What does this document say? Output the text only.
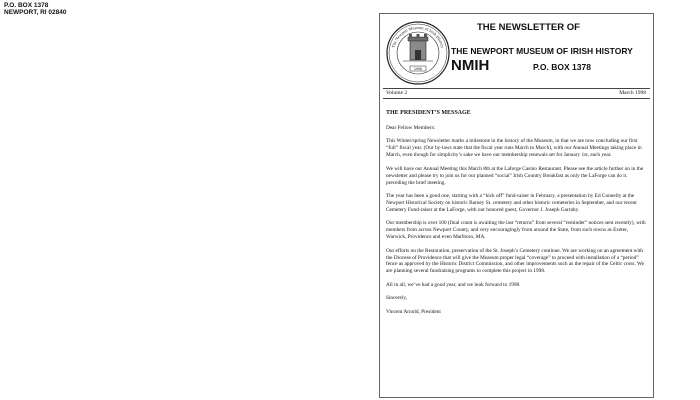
P.O. BOX 1378
NEWPORT, RI 02840
The Newport Museum of Irish History
1996
THE NEWSLETTER OF
THE NEWPORT MUSEUM OF IRISH HISTORY
NMIH	P.O. BOX 1378
Volume 2	March 1998

THE PRESIDENT’S MESSAGE

Dear Fellow Members:

This Winter/spring Newsletter marks a milestone in the history of the Museum, in that we are now concluding our first “full” fiscal year. (Our by-laws state that the fiscal year runs March to March), with our Annual Meetings taking place in March, even though for simplicity’s sake we have our membership renewals set for January 1st, each year.

We will have our Annual Meeting this March 8th at the Laforge Casino Restaurant. Please see the article further on in the newsletter and please try to join us for our planned “social” Irish Country Breakfast as only the LaForge can do it. preceding the brief meeting.

The year has been a good one, starting with a “kick off” fund-raiser in February, a presentation by Ed Connelly at the Newport Historical Society on historic Barney St. cemetery and other historic cemeteries in September, and our recent Cemetery Fund-raiser at the LaForge, with our honored guest, Governor J. Joseph Garrahy.

Our membership is over 100 (final count is awaiting the last “returns” from several “reminder” notices sent recently), with members from across Newport County, and very encouragingly from around the State, from such towns as Exeter, Warwick, Providence and even Marlboro, MA.

Our efforts on the Restoration, preservation of the St. Joseph’s Cemetery continue. We are working on an agreement with the Diocese of Providence that will give the Museum proper legal “coverage” to proceed with installation of a “period” fence as approved by the Historic District Commission, and other improvements such as the repair of the Celtic cross. We are planning several fundraising programs to complete this project in 1998.

All in all, we’ve had a good year, and we look forward to 1998.

Sincerely,

Vincent Arnold, President
